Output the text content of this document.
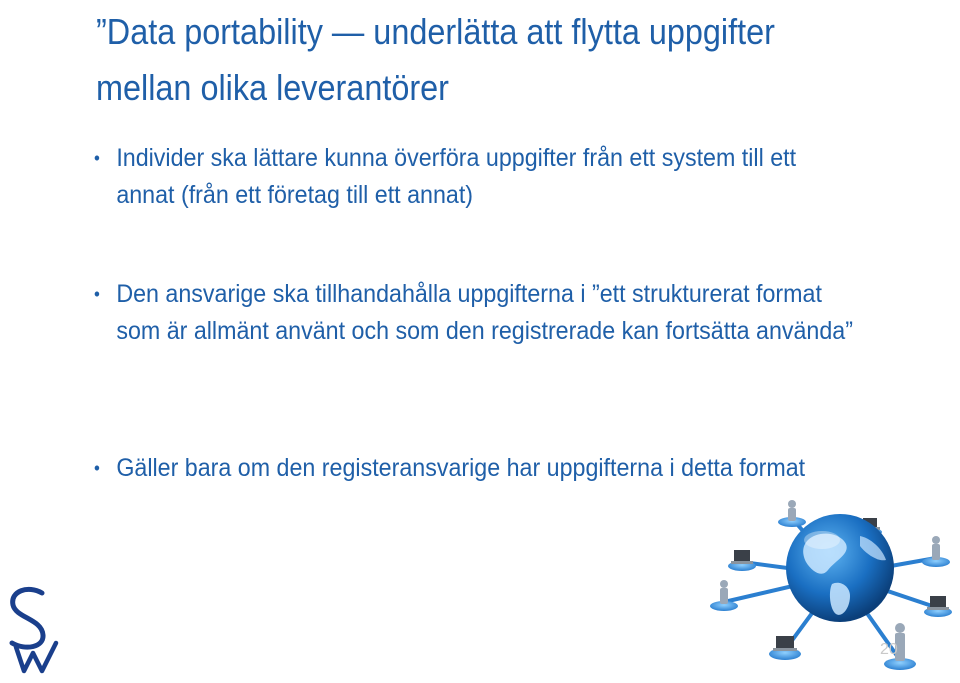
”Data portability ― underlätta att flytta uppgifter mellan olika leverantörer
• Individer ska lättare kunna överföra uppgifter från ett system till ett annat (från ett företag till ett annat)
• Den ansvarige ska tillhandahålla uppgifterna i ”ett strukturerat format som är allmänt använt och som den registrerade kan fortsätta använda”
• Gäller bara om den registeransvarige har uppgifterna i detta format
20
